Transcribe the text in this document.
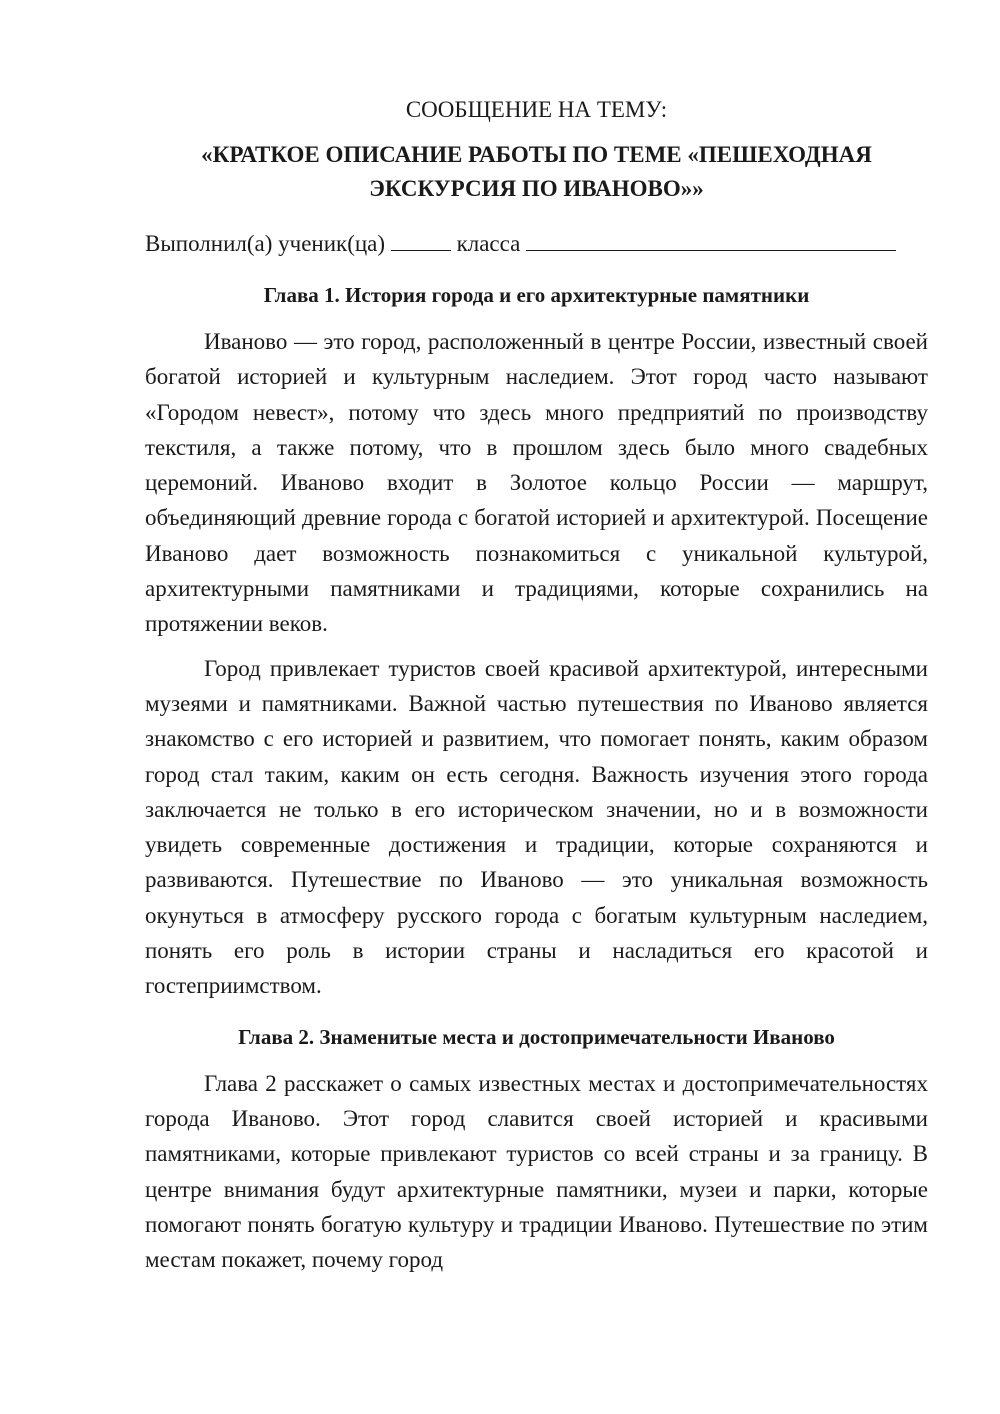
СООБЩЕНИЕ НА ТЕМУ:

«КРАТКОЕ ОПИСАНИЕ РАБОТЫ ПО ТЕМЕ «ПЕШЕХОДНАЯ

ЭКСКУРСИЯ ПО ИВАНОВО»»

Выполнил(а) ученик(ца)	класса
Глава 1. История города и его архитектурные памятники

Иваново — это город, расположенный в центре России, известный своей богатой историей и культурным наследием. Этот город часто называют «Городом невест», потому что здесь много предприятий по производству текстиля, а также потому, что в прошлом здесь было много свадебных церемоний. Иваново входит в Золотое кольцо России — маршрут, объединяющий древние города с богатой историей и архитектурой. Посещение Иваново дает возможность познакомиться с уникальной культурой, архитектурными памятниками и традициями, которые сохранились на протяжении веков.

Город привлекает туристов своей красивой архитектурой, интересными музеями и памятниками. Важной частью путешествия по Иваново является знакомство с его историей и развитием, что помогает понять, каким образом город стал таким, каким он есть сегодня. Важность изучения этого города заключается не только в его историческом значении, но и в возможности увидеть современные достижения и традиции, которые сохраняются и развиваются. Путешествие по Иваново — это уникальная возможность окунуться в атмосферу русского города с богатым культурным наследием, понять его роль в истории страны и насладиться его красотой и гостеприимством.

Глава 2. Знаменитые места и достопримечательности Иваново

Глава 2 расскажет о самых известных местах и достопримечательностях города Иваново. Этот город славится своей историей и красивыми памятниками, которые привлекают туристов со всей страны и за границу. В центре внимания будут архитектурные памятники, музеи и парки, которые помогают понять богатую культуру и традиции Иваново. Путешествие по этим местам покажет, почему город
